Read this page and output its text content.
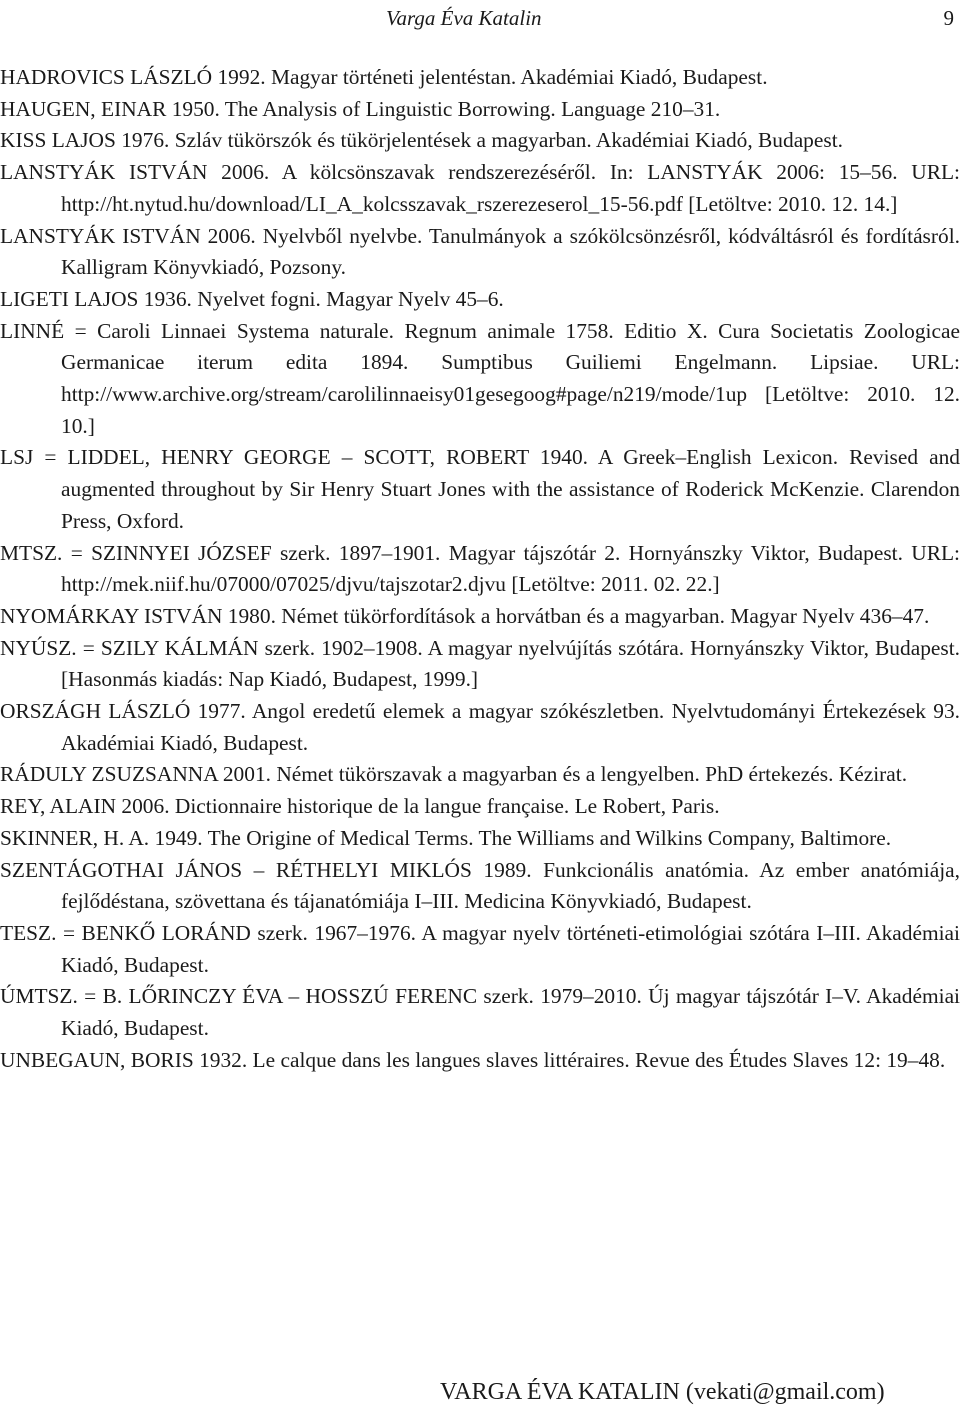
Varga Éva Katalin	9

HADROVICS LÁSZLÓ 1992. Magyar történeti jelentéstan. Akadémiai Kiadó, Budapest.

HAUGEN, EINAR 1950. The Analysis of Linguistic Borrowing. Language 210–31.

KISS LAJOS 1976. Szláv tükörszók és tükörjelentések a magyarban. Akadémiai Kiadó, Budapest.

LANSTYÁK ISTVÁN 2006. A kölcsönszavak rendszerezéséről. In: LANSTYÁK 2006: 15–56. URL: http://ht.nytud.hu/download/LI_A_kolcsszavak_rszerezeserol_15-56.pdf [Letöltve: 2010. 12. 14.]

LANSTYÁK ISTVÁN 2006. Nyelvből nyelvbe. Tanulmányok a szókölcsönzésről, kódváltásról és fordításról. Kalligram Könyvkiadó, Pozsony.

LIGETI LAJOS 1936. Nyelvet fogni. Magyar Nyelv 45–6.

LINNÉ = Caroli Linnaei Systema naturale. Regnum animale 1758. Editio X. Cura Societatis Zoologicae Germanicae iterum edita 1894. Sumptibus Guiliemi Engelmann. Lipsiae. URL: http://www.archive.org/stream/carolilinnaeisy01gesegoog#page/n219/mode/1up [Letöltve: 2010. 12. 10.]

LSJ = LIDDEL, HENRY GEORGE – SCOTT, ROBERT 1940. A Greek–English Lexicon. Revised and augmented throughout by Sir Henry Stuart Jones with the assistance of Roderick McKenzie. Clarendon Press, Oxford.

MTSZ. = SZINNYEI JÓZSEF szerk. 1897–1901. Magyar tájszótár 2. Hornyánszky Viktor, Budapest. URL: http://mek.niif.hu/07000/07025/djvu/tajszotar2.djvu [Letöltve: 2011. 02. 22.]

NYOMÁRKAY ISTVÁN 1980. Német tükörfordítások a horvátban és a magyarban. Magyar Nyelv 436–47.

NYÚSZ. = SZILY KÁLMÁN szerk. 1902–1908. A magyar nyelvújítás szótára. Hornyánszky Viktor, Budapest. [Hasonmás kiadás: Nap Kiadó, Budapest, 1999.]

ORSZÁGH LÁSZLÓ 1977. Angol eredetű elemek a magyar szókészletben. Nyelvtudományi Értekezések 93. Akadémiai Kiadó, Budapest.

RÁDULY ZSUZSANNA 2001. Német tükörszavak a magyarban és a lengyelben. PhD értekezés. Kézirat.

REY, ALAIN 2006. Dictionnaire historique de la langue française. Le Robert, Paris.

SKINNER, H. A. 1949. The Origine of Medical Terms. The Williams and Wilkins Company, Baltimore.

SZENTÁGOTHAI JÁNOS – RÉTHELYI MIKLÓS 1989. Funkcionális anatómia. Az ember anatómiája, fejlődéstana, szövettana és tájanatómiája I–III. Medicina Könyvkiadó, Budapest.

TESZ. = BENKŐ LORÁND szerk. 1967–1976. A magyar nyelv történeti-etimológiai szótára I–III. Akadémiai Kiadó, Budapest.

ÚMTSZ. = B. LŐRINCZY ÉVA – HOSSZÚ FERENC szerk. 1979–2010. Új magyar tájszótár I–V. Akadémiai Kiadó, Budapest.

UNBEGAUN, BORIS 1932. Le calque dans les langues slaves littéraires. Revue des Études Slaves 12: 19–48.

VARGA ÉVA KATALIN (vekati@gmail.com)
